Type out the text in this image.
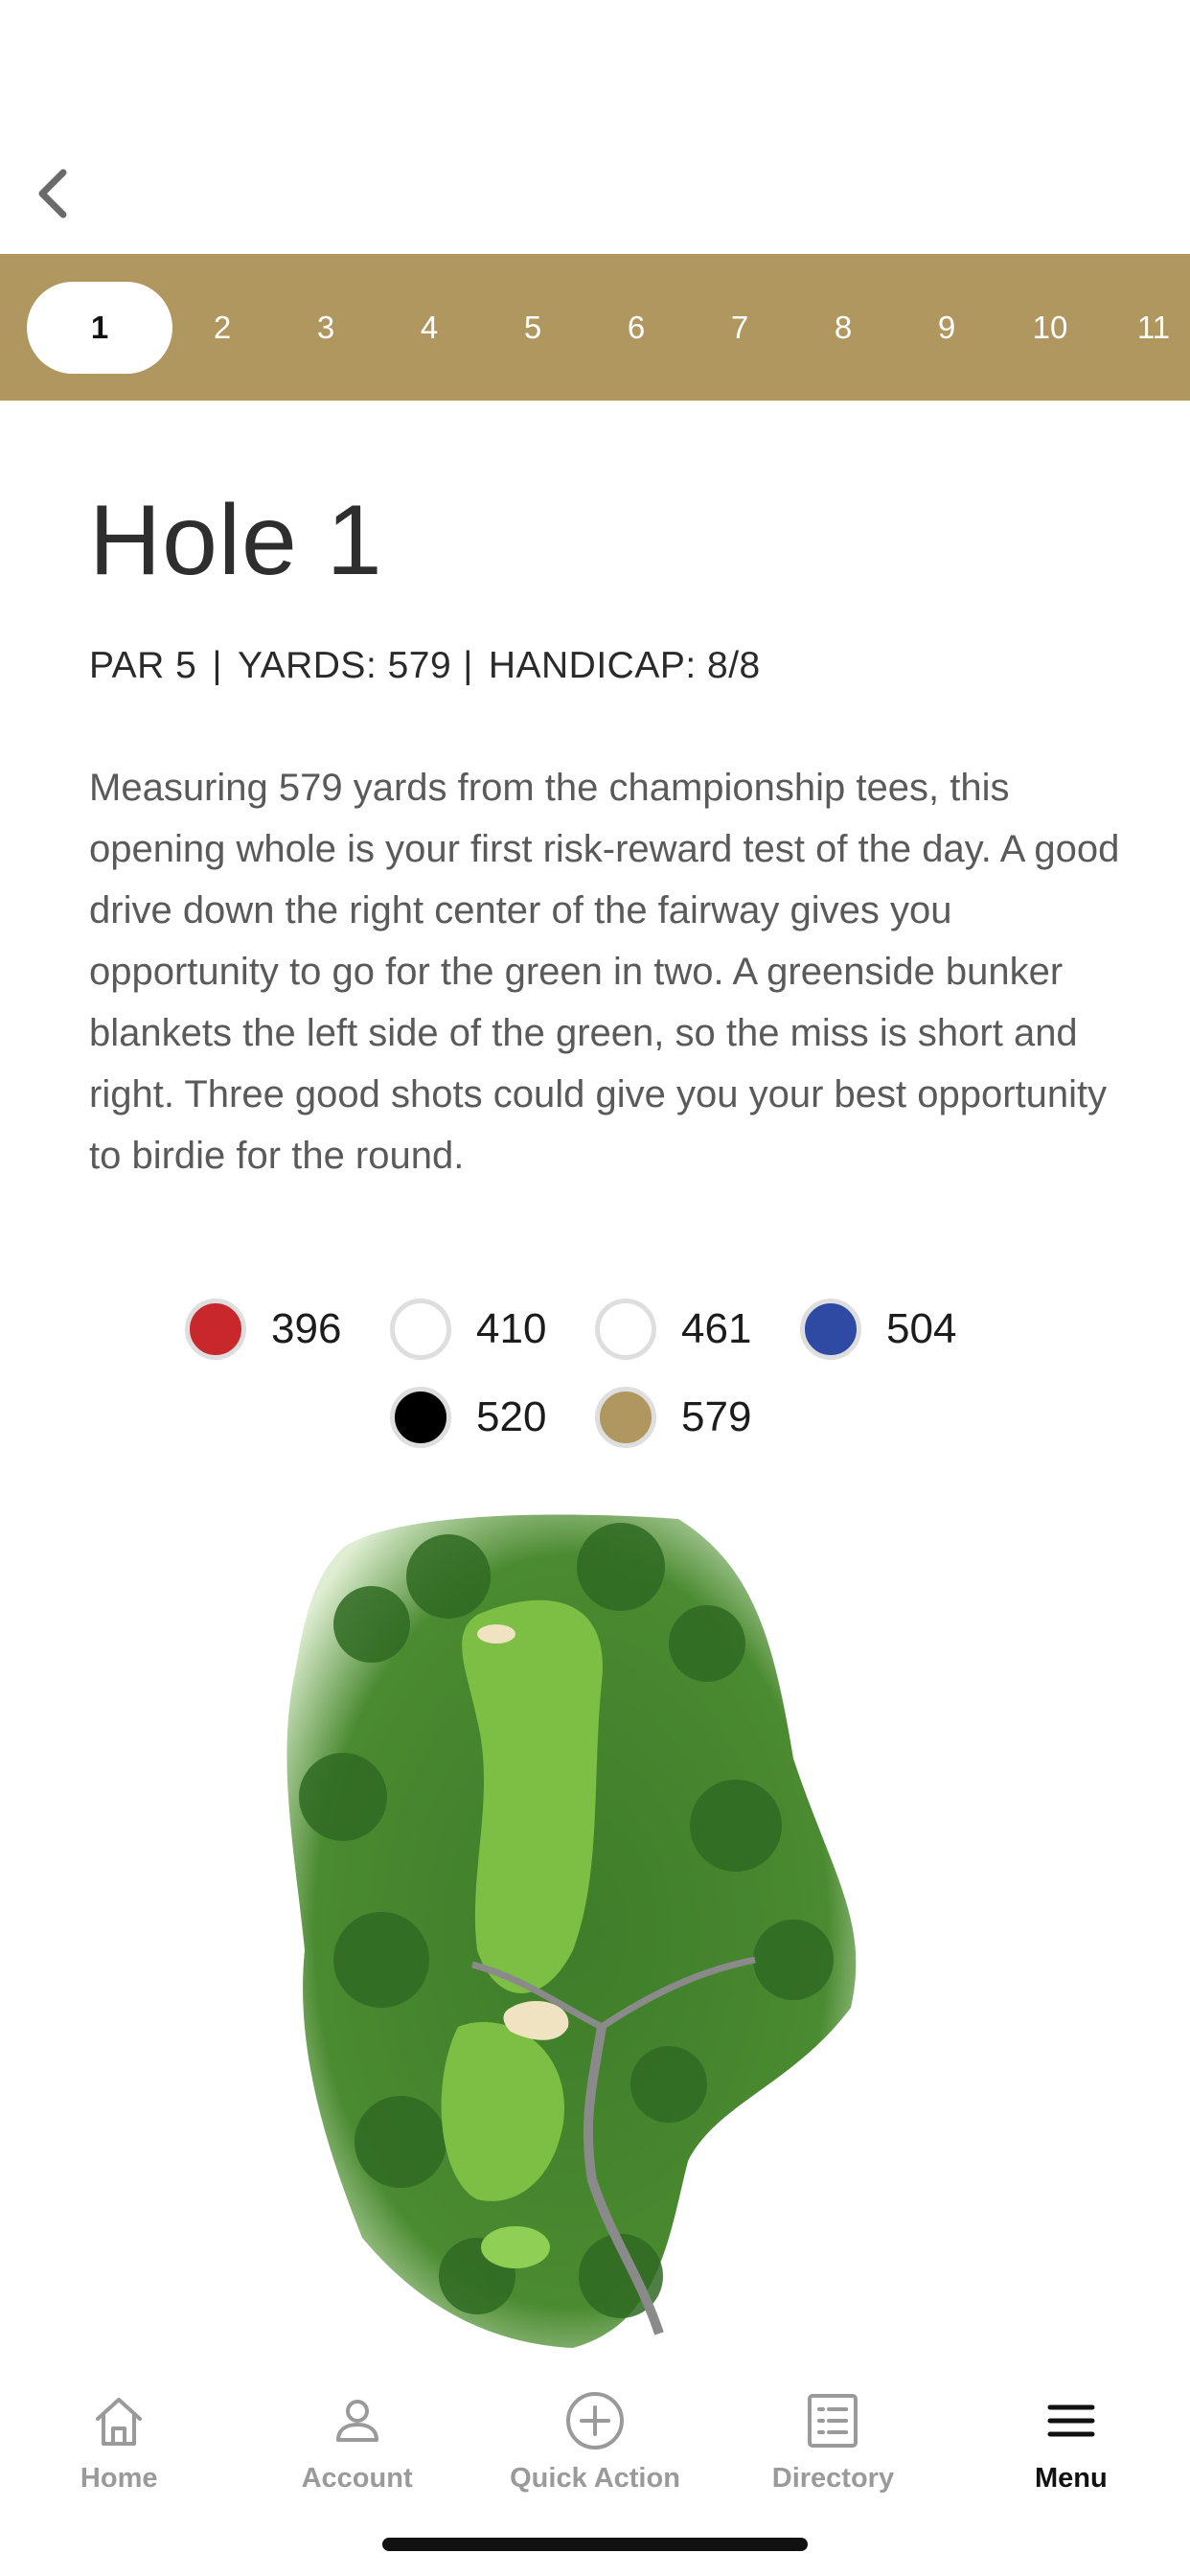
1	2	3	4	5	6	7	8	9	10	11
Hole 1
PAR 5 | YARDS: 579 | HANDICAP: 8/8

Measuring 579 yards from the championship tees, this opening whole is your first risk-reward test of the day. A good drive down the right center of the fairway gives you opportunity to go for the green in two. A greenside bunker blankets the left side of the green, so the miss is short and right. Three good shots could give you your best opportunity to birdie for the round.

396	410	461	504
520	579
Home	Account	Quick Action	Directory	Menu
